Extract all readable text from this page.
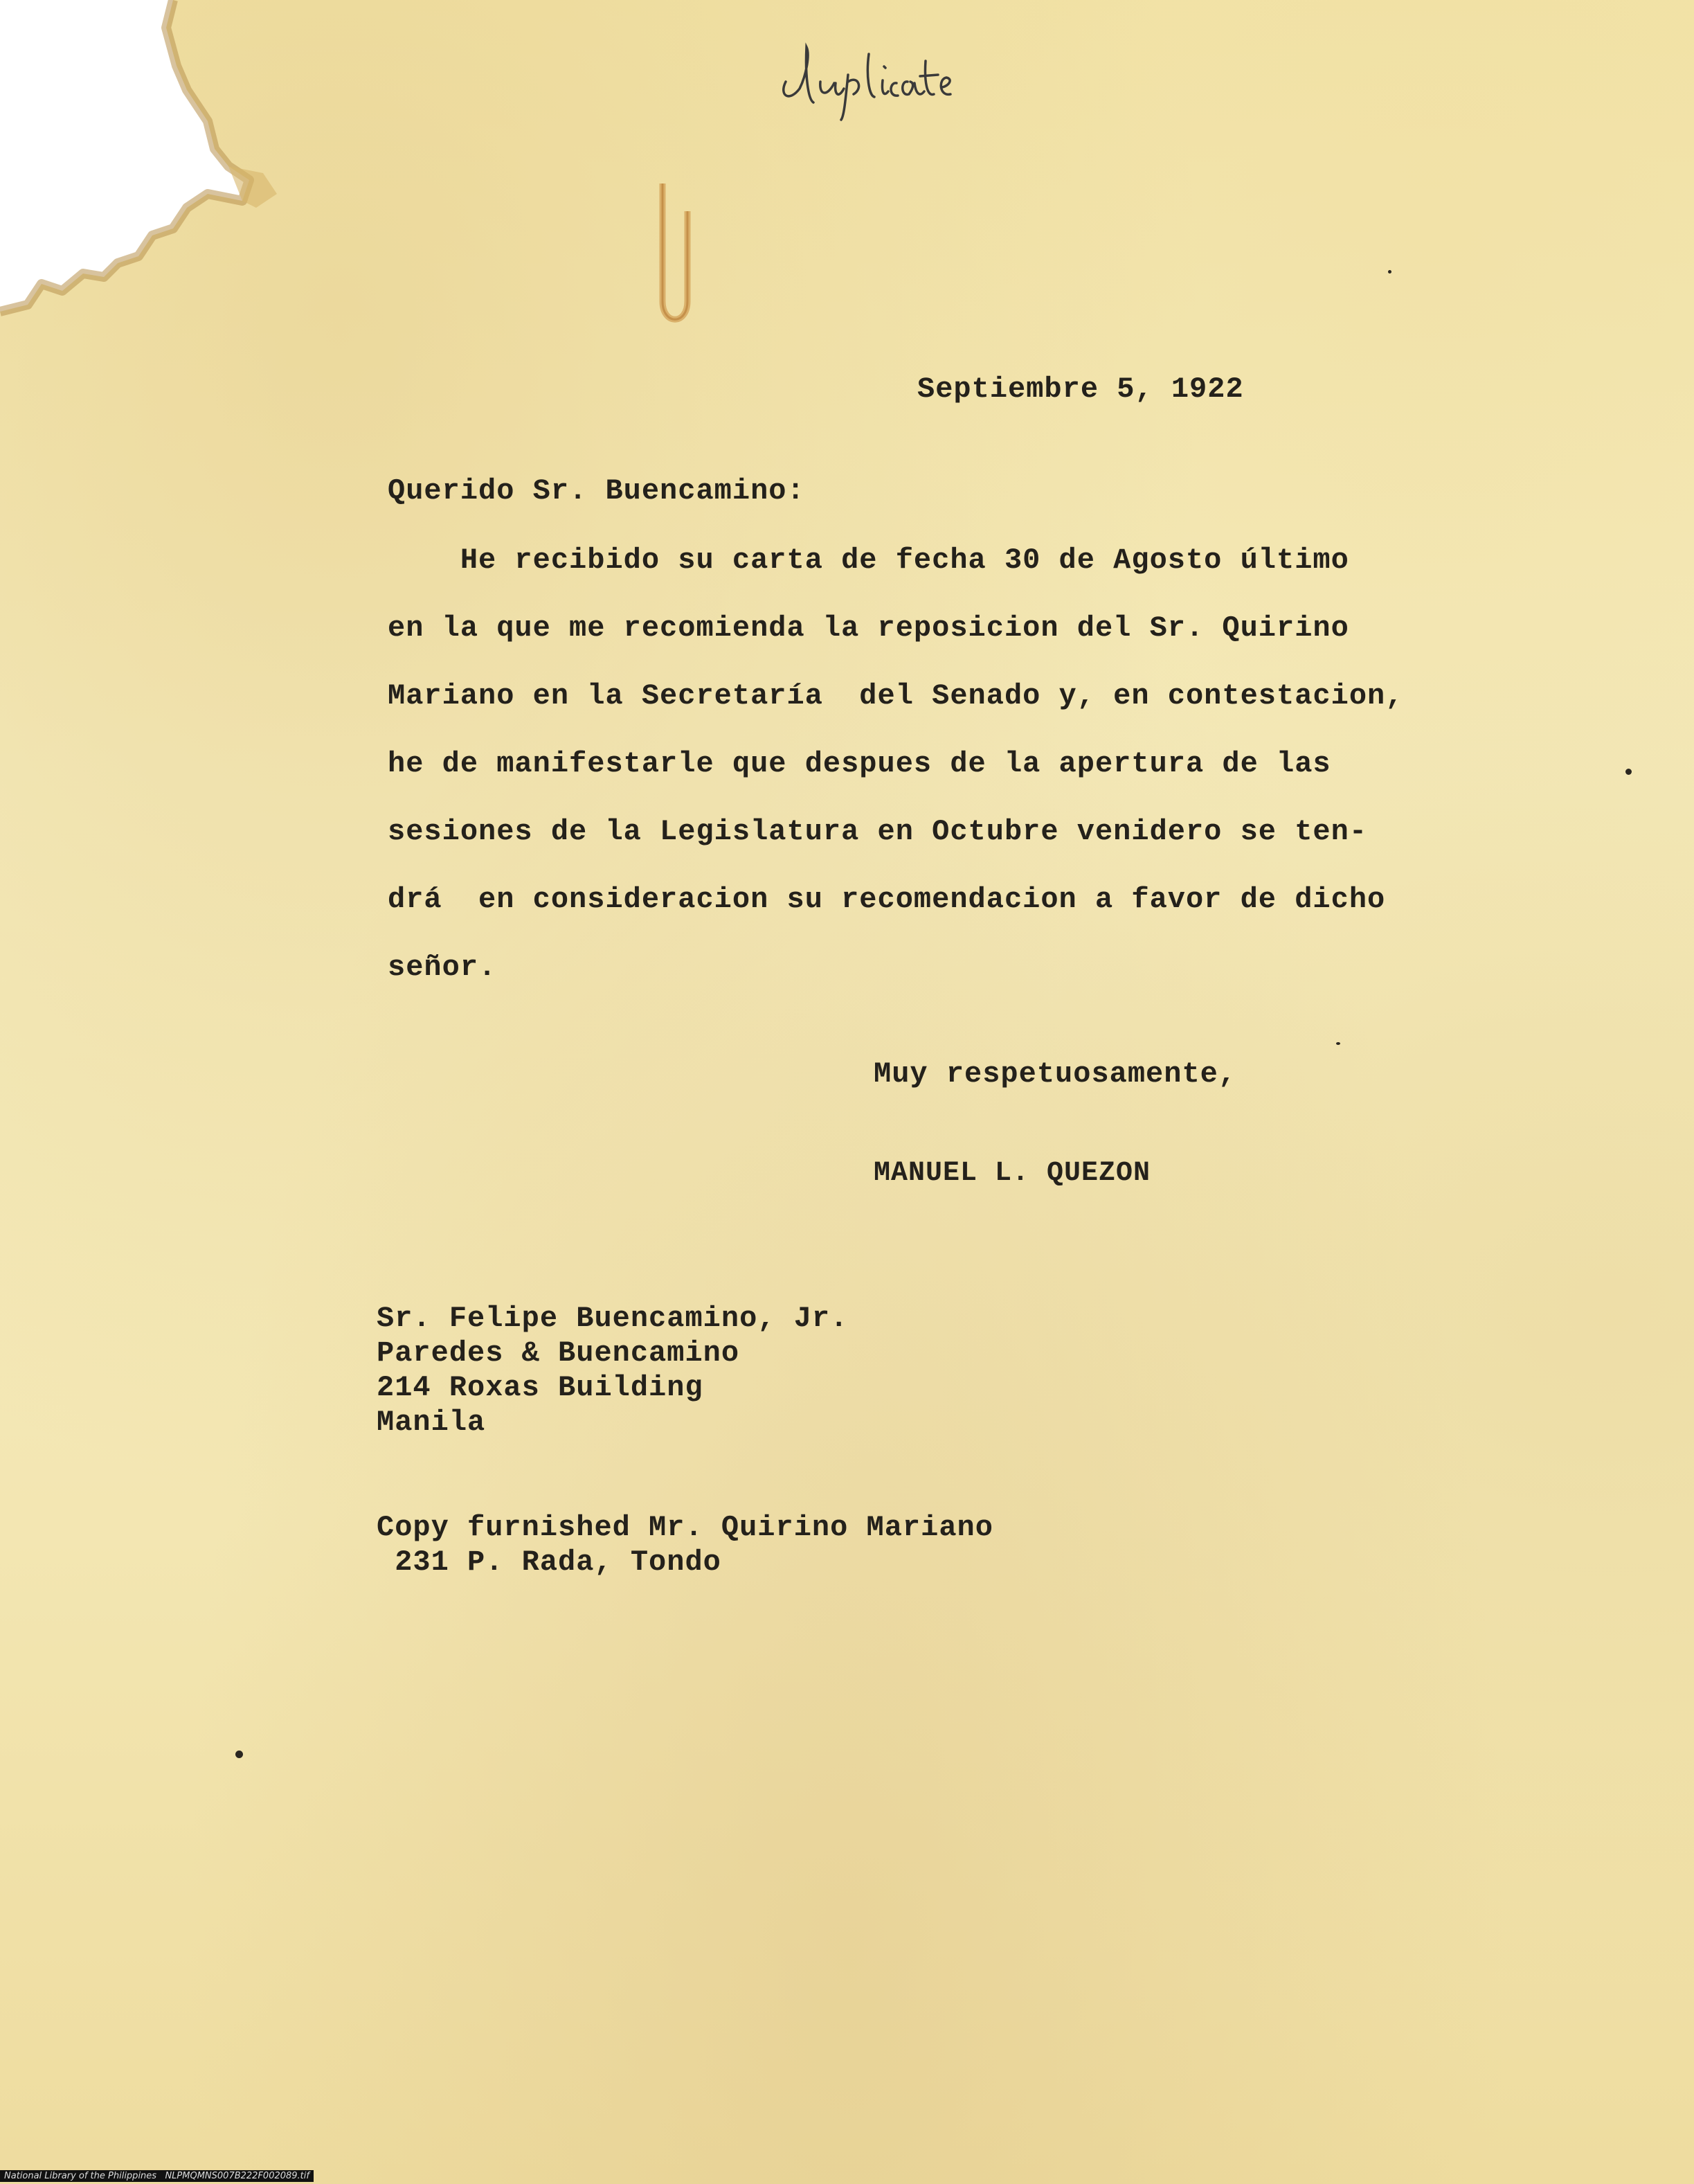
duplicate
Septiembre 5, 1922
Querido Sr. Buencamino:
He recibido su carta de fecha 30 de Agosto último
en la que me recomienda la reposicion del Sr. Quirino
Mariano en la Secretaría  del Senado y, en contestacion,
he de manifestarle que despues de la apertura de las
sesiones de la Legislatura en Octubre venidero se ten-
drá  en consideracion su recomendacion a favor de dicho
señor.
Muy respetuosamente,
MANUEL L. QUEZON
Sr. Felipe Buencamino, Jr.
Paredes & Buencamino
214 Roxas Building
Manila
Copy furnished Mr. Quirino Mariano
231 P. Rada, Tondo
National Library of the Philippines   NLPMQMNS007B222F002089.tif
